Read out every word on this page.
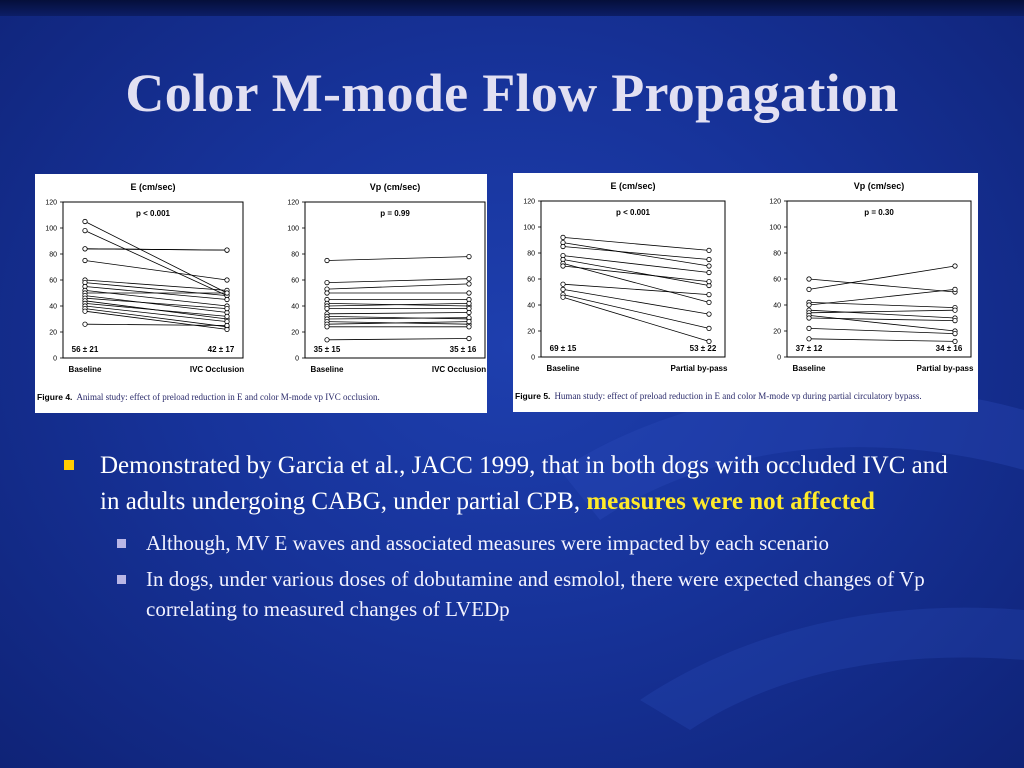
Color M-mode Flow Propagation
E (cm/sec)
0
20
40
60
80
100
120
p < 0.001
56 ± 21	42 ± 17
Baseline	IVC Occlusion
Vp (cm/sec)
0
20
40
60
80
100
120
p = 0.99
35 ± 15	35 ± 16
Baseline	IVC Occlusion
Figure 4. Animal study: effect of preload reduction in E and color M-mode vp IVC occlusion.
E (cm/sec)
0
20
40
60
80
100
120
p < 0.001
69 ± 15	53 ± 22
Baseline	Partial by-pass
Vp (cm/sec)
0
20
40
60
80
100
120
p = 0.30
37 ± 12	34 ± 16
Baseline	Partial by-pass
Figure 5. Human study: effect of preload reduction in E and color M-mode vp during partial circulatory bypass.
Demonstrated by Garcia et al., JACC 1999, that in both dogs with occluded IVC and in adults undergoing CABG, under partial CPB, measures were not affected
Although, MV E waves and associated measures were impacted by each scenario
In dogs, under various doses of dobutamine and esmolol, there were expected changes of Vp correlating to measured changes of LVEDp
